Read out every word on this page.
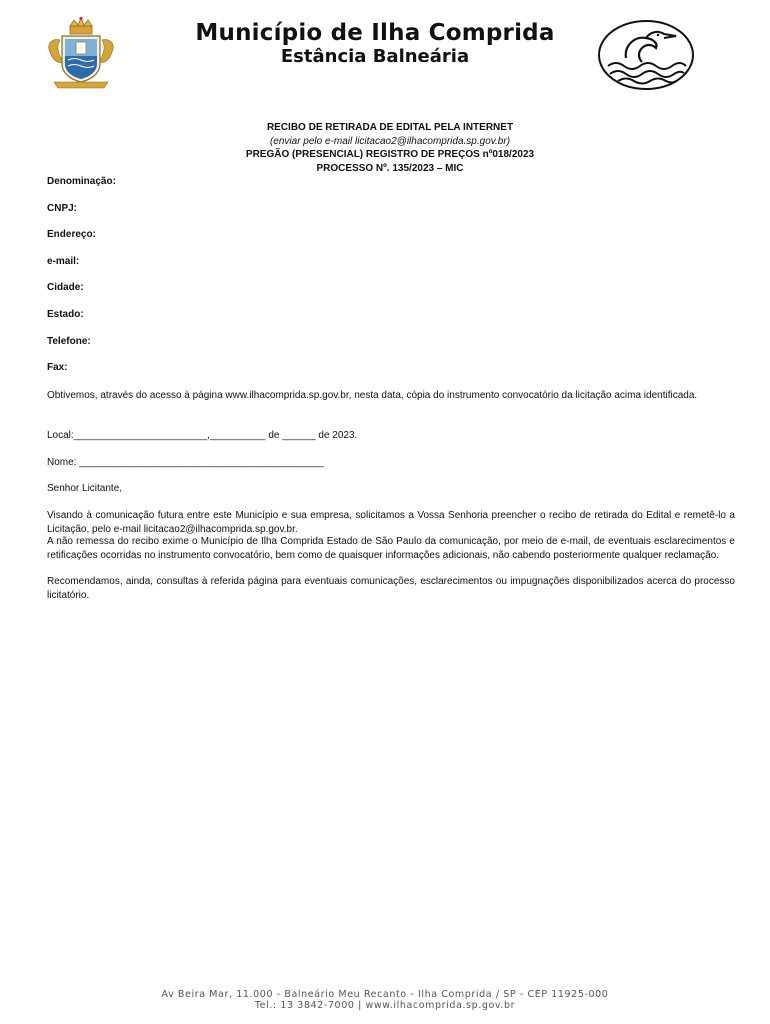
Município de Ilha Comprida
Estância Balneária
RECIBO DE RETIRADA DE EDITAL PELA INTERNET
(enviar pelo e-mail licitacao2@ilhacomprida.sp.gov.br)
PREGÃO (PRESENCIAL) REGISTRO DE PREÇOS nº018/2023
PROCESSO Nº. 135/2023 – MIC
Denominação:
CNPJ:
Endereço:
e-mail:
Cidade:
Estado:
Telefone:
Fax:
Obtivemos, através do acesso à página www.ilhacomprida.sp.gov.br, nesta data, cópia do instrumento convocatório da licitação acima identificada.
Local:________________________,__________ de ______ de 2023.
Nome: ____________________________________________
Senhor Licitante,
Visando à comunicação futura entre este Município e sua empresa, solicitamos a Vossa Senhoria preencher o recibo de retirada do Edital e remetê-lo a Licitação, pelo e-mail licitacao2@ilhacomprida.sp.gov.br.
A não remessa do recibo exime o Município de Ilha Comprida Estado de São Paulo da comunicação, por meio de e-mail, de eventuais esclarecimentos e retificações ocorridas no instrumento convocatório, bem como de quaisquer informações adicionais, não cabendo posteriormente qualquer reclamação.
Recomendamos, ainda, consultas à referida página para eventuais comunicações, esclarecimentos ou impugnações disponibilizados acerca do processo licitatório.
Av Beira Mar, 11.000 - Balneário Meu Recanto - Ilha Comprida / SP - CEP 11925-000
Tel.: 13 3842-7000 | www.ilhacomprida.sp.gov.br
